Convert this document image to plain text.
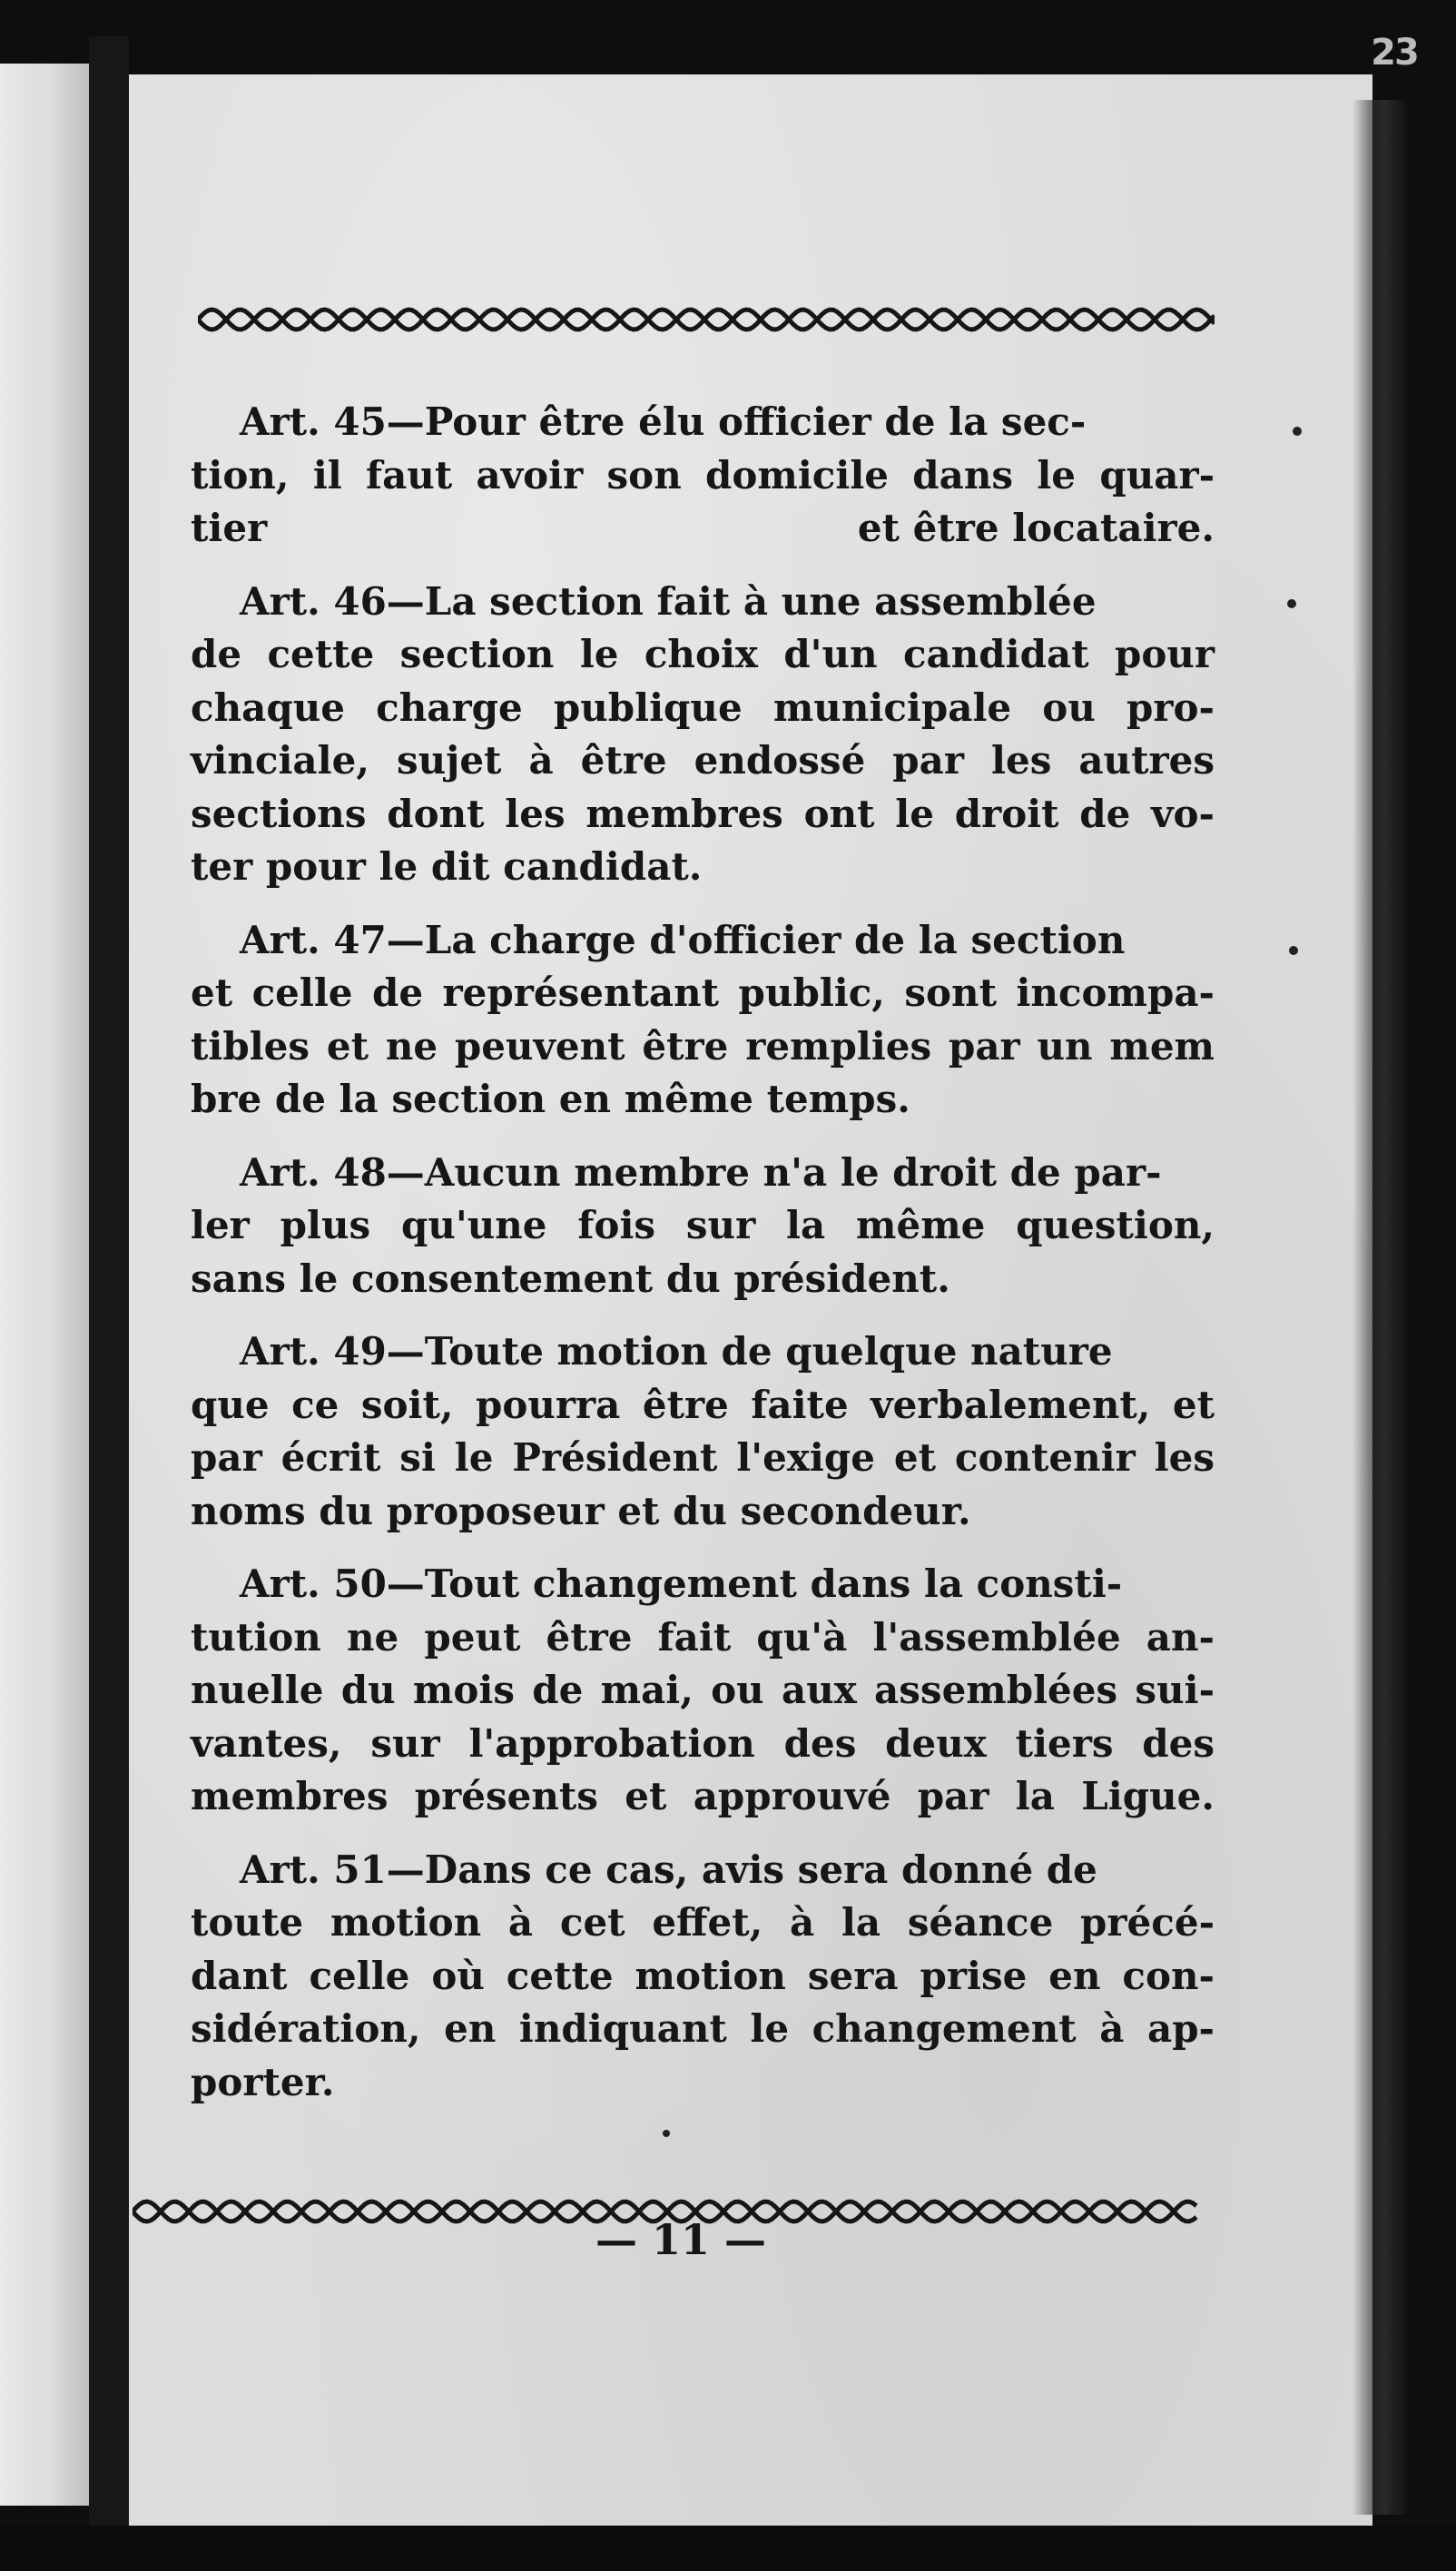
23
Art. 45—Pour être élu officier de la sec-
tion, il faut avoir son domicile dans le quar-
tier	et être locataire.
Art. 46—La section fait à une assemblée
de cette section le choix d'un candidat pour
chaque charge publique municipale ou pro-
vinciale, sujet à être endossé par les autres
sections dont les membres ont le droit de vo-
ter pour le dit candidat.
Art. 47—La charge d'officier de la section
et celle de représentant public, sont incompa-
tibles et ne peuvent être remplies par un mem
bre de la section en même temps.
Art. 48—Aucun membre n'a le droit de par-
ler plus qu'une fois sur la même question,
sans le consentement du président.
Art. 49—Toute motion de quelque nature
que ce soit, pourra être faite verbalement, et
par écrit si le Président l'exige et contenir les
noms du proposeur et du secondeur.
Art. 50—Tout changement dans la consti-
tution ne peut être fait qu'à l'assemblée an-
nuelle du mois de mai, ou aux assemblées sui-
vantes, sur l'approbation des deux tiers des
membres présents et approuvé par la Ligue.
Art. 51—Dans ce cas, avis sera donné de
toute motion à cet effet, à la séance précé-
dant celle où cette motion sera prise en con-
sidération, en indiquant le changement à ap-
porter.
— 11 —
